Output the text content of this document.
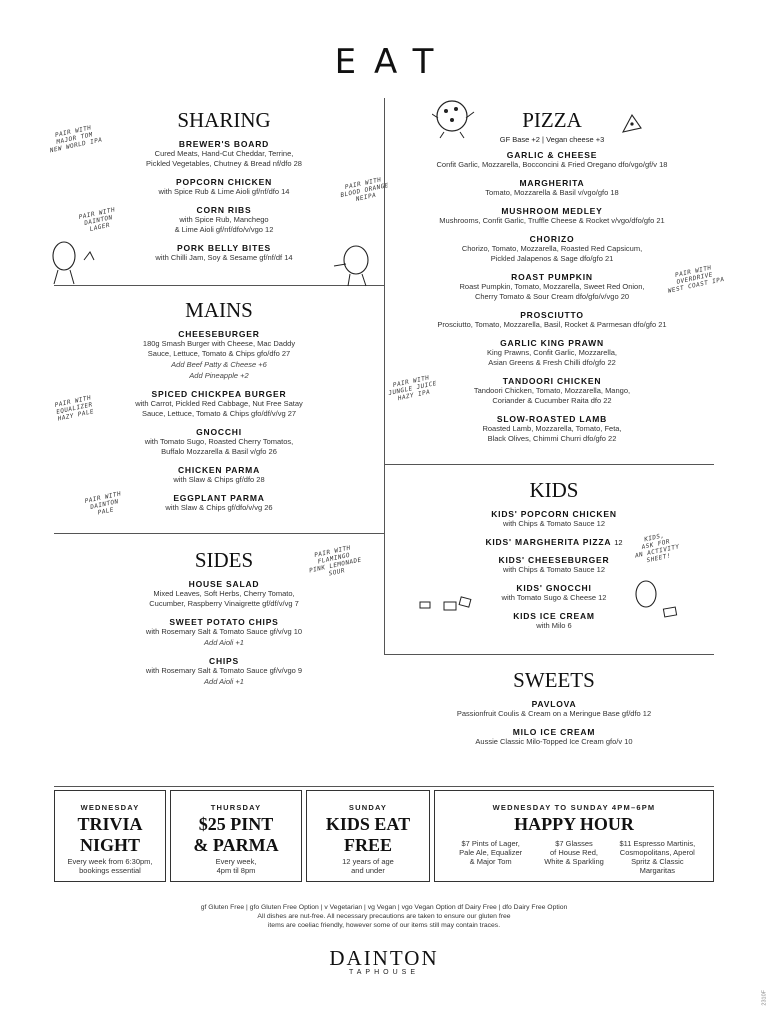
EAT
SHARING
BREWER'S BOARD
Cured Meats, Hand-Cut Cheddar, Terrine,
Pickled Vegetables, Chutney & Bread nf/dfo 28
POPCORN CHICKEN
with Spice Rub & Lime Aioli gf/nf/dfo 14
CORN RIBS
with Spice Rub, Manchego
& Lime Aioli gf/nf/dfo/v/vgo 12
PORK BELLY BITES
with Chilli Jam, Soy & Sesame gf/nf/df 14
MAINS
CHEESEBURGER
180g Smash Burger with Cheese, Mac Daddy
Sauce, Lettuce, Tomato & Chips gfo/dfo 27
Add Beef Patty & Cheese +6
Add Pineapple +2
SPICED CHICKPEA BURGER
with Carrot, Pickled Red Cabbage, Nut Free Satay
Sauce, Lettuce, Tomato & Chips gfo/df/v/vg 27
GNOCCHI
with Tomato Sugo, Roasted Cherry Tomatos,
Buffalo Mozzarella & Basil v/gfo 26
CHICKEN PARMA
with Slaw & Chips gf/dfo 28
EGGPLANT PARMA
with Slaw & Chips gf/dfo/v/vg 26
SIDES
HOUSE SALAD
Mixed Leaves, Soft Herbs, Cherry Tomato,
Cucumber, Raspberry Vinaigrette gf/df/v/vg 7
SWEET POTATO CHIPS
with Rosemary Salt & Tomato Sauce gf/v/vg 10
Add Aioli +1
CHIPS
with Rosemary Salt & Tomato Sauce gf/v/vgo 9
Add Aioli +1
PIZZA
GF Base +2 | Vegan cheese +3
GARLIC & CHEESE
Confit Garlic, Mozzarella, Bocconcini & Fried Oregano dfo/vgo/gf/v 18
MARGHERITA
Tomato, Mozzarella & Basil v/vgo/gfo 18
MUSHROOM MEDLEY
Mushrooms, Confit Garlic, Truffle Cheese & Rocket v/vgo/dfo/gfo 21
CHORIZO
Chorizo, Tomato, Mozzarella, Roasted Red Capsicum,
Pickled Jalapenos & Sage dfo/gfo 21
ROAST PUMPKIN
Roast Pumpkin, Tomato, Mozzarella, Sweet Red Onion,
Cherry Tomato & Sour Cream dfo/gfo/v/vgo 20
PROSCIUTTO
Prosciutto, Tomato, Mozzarella, Basil, Rocket & Parmesan dfo/gfo 21
GARLIC KING PRAWN
King Prawns, Confit Garlic, Mozzarella,
Asian Greens & Fresh Chilli dfo/gfo 22
TANDOORI CHICKEN
Tandoori Chicken, Tomato, Mozzarella, Mango,
Coriander & Cucumber Raita dfo 22
SLOW-ROASTED LAMB
Roasted Lamb, Mozzarella, Tomato, Feta,
Black Olives, Chimmi Churri dfo/gfo 22
KIDS
KIDS' POPCORN CHICKEN
with Chips & Tomato Sauce 12
KIDS' MARGHERITA PIZZA 12
KIDS' CHEESEBURGER
with Chips & Tomato Sauce 12
KIDS' GNOCCHI
with Tomato Sugo & Cheese 12
KIDS ICE CREAM
with Milo 6
SWEETS
PAVLOVA
Passionfruit Coulis & Cream on a Meringue Base gf/dfo 12
MILO ICE CREAM
Aussie Classic Milo-Topped Ice Cream gfo/v 10
PAIR WITH
MAJOR TOM
NEW WORLD IPA
PAIR WITH
DAINTON
LAGER
PAIR WITH
BLOOD ORANGE
NEIPA
PAIR WITH
OVERDRIVE
WEST COAST IPA
PAIR WITH
EQUALIZER
HAZY PALE
PAIR WITH
DAINTON
PALE
PAIR WITH
JUNGLE JUICE
HAZY IPA
PAIR WITH
FLAMINGO
PINK LEMONADE
SOUR
KIDS,
ASK FOR
AN ACTIVITY
SHEET!
WEDNESDAY
TRIVIA
NIGHT
Every week from 6:30pm,
bookings essential
THURSDAY
$25 PINT
& PARMA
Every week,
4pm til 8pm
SUNDAY
KIDS EAT
FREE
12 years of age
and under
WEDNESDAY TO SUNDAY 4PM–6PM
HAPPY HOUR
$7 Pints of Lager,
Pale Ale, Equalizer
& Major Tom
$7 Glasses
of House Red,
White & Sparkling
$11 Espresso Martinis,
Cosmopolitans, Aperol
Spritz & Classic Margaritas
gf Gluten Free | gfo Gluten Free Option | v Vegetarian | vg Vegan | vgo Vegan Option df Dairy Free | dfo Dairy Free Option
All dishes are nut-free. All necessary precautions are taken to ensure our gluten free
items are coeliac friendly, however some of our items still may contain traces.
DAINTON
TAPHOUSE
2310F
